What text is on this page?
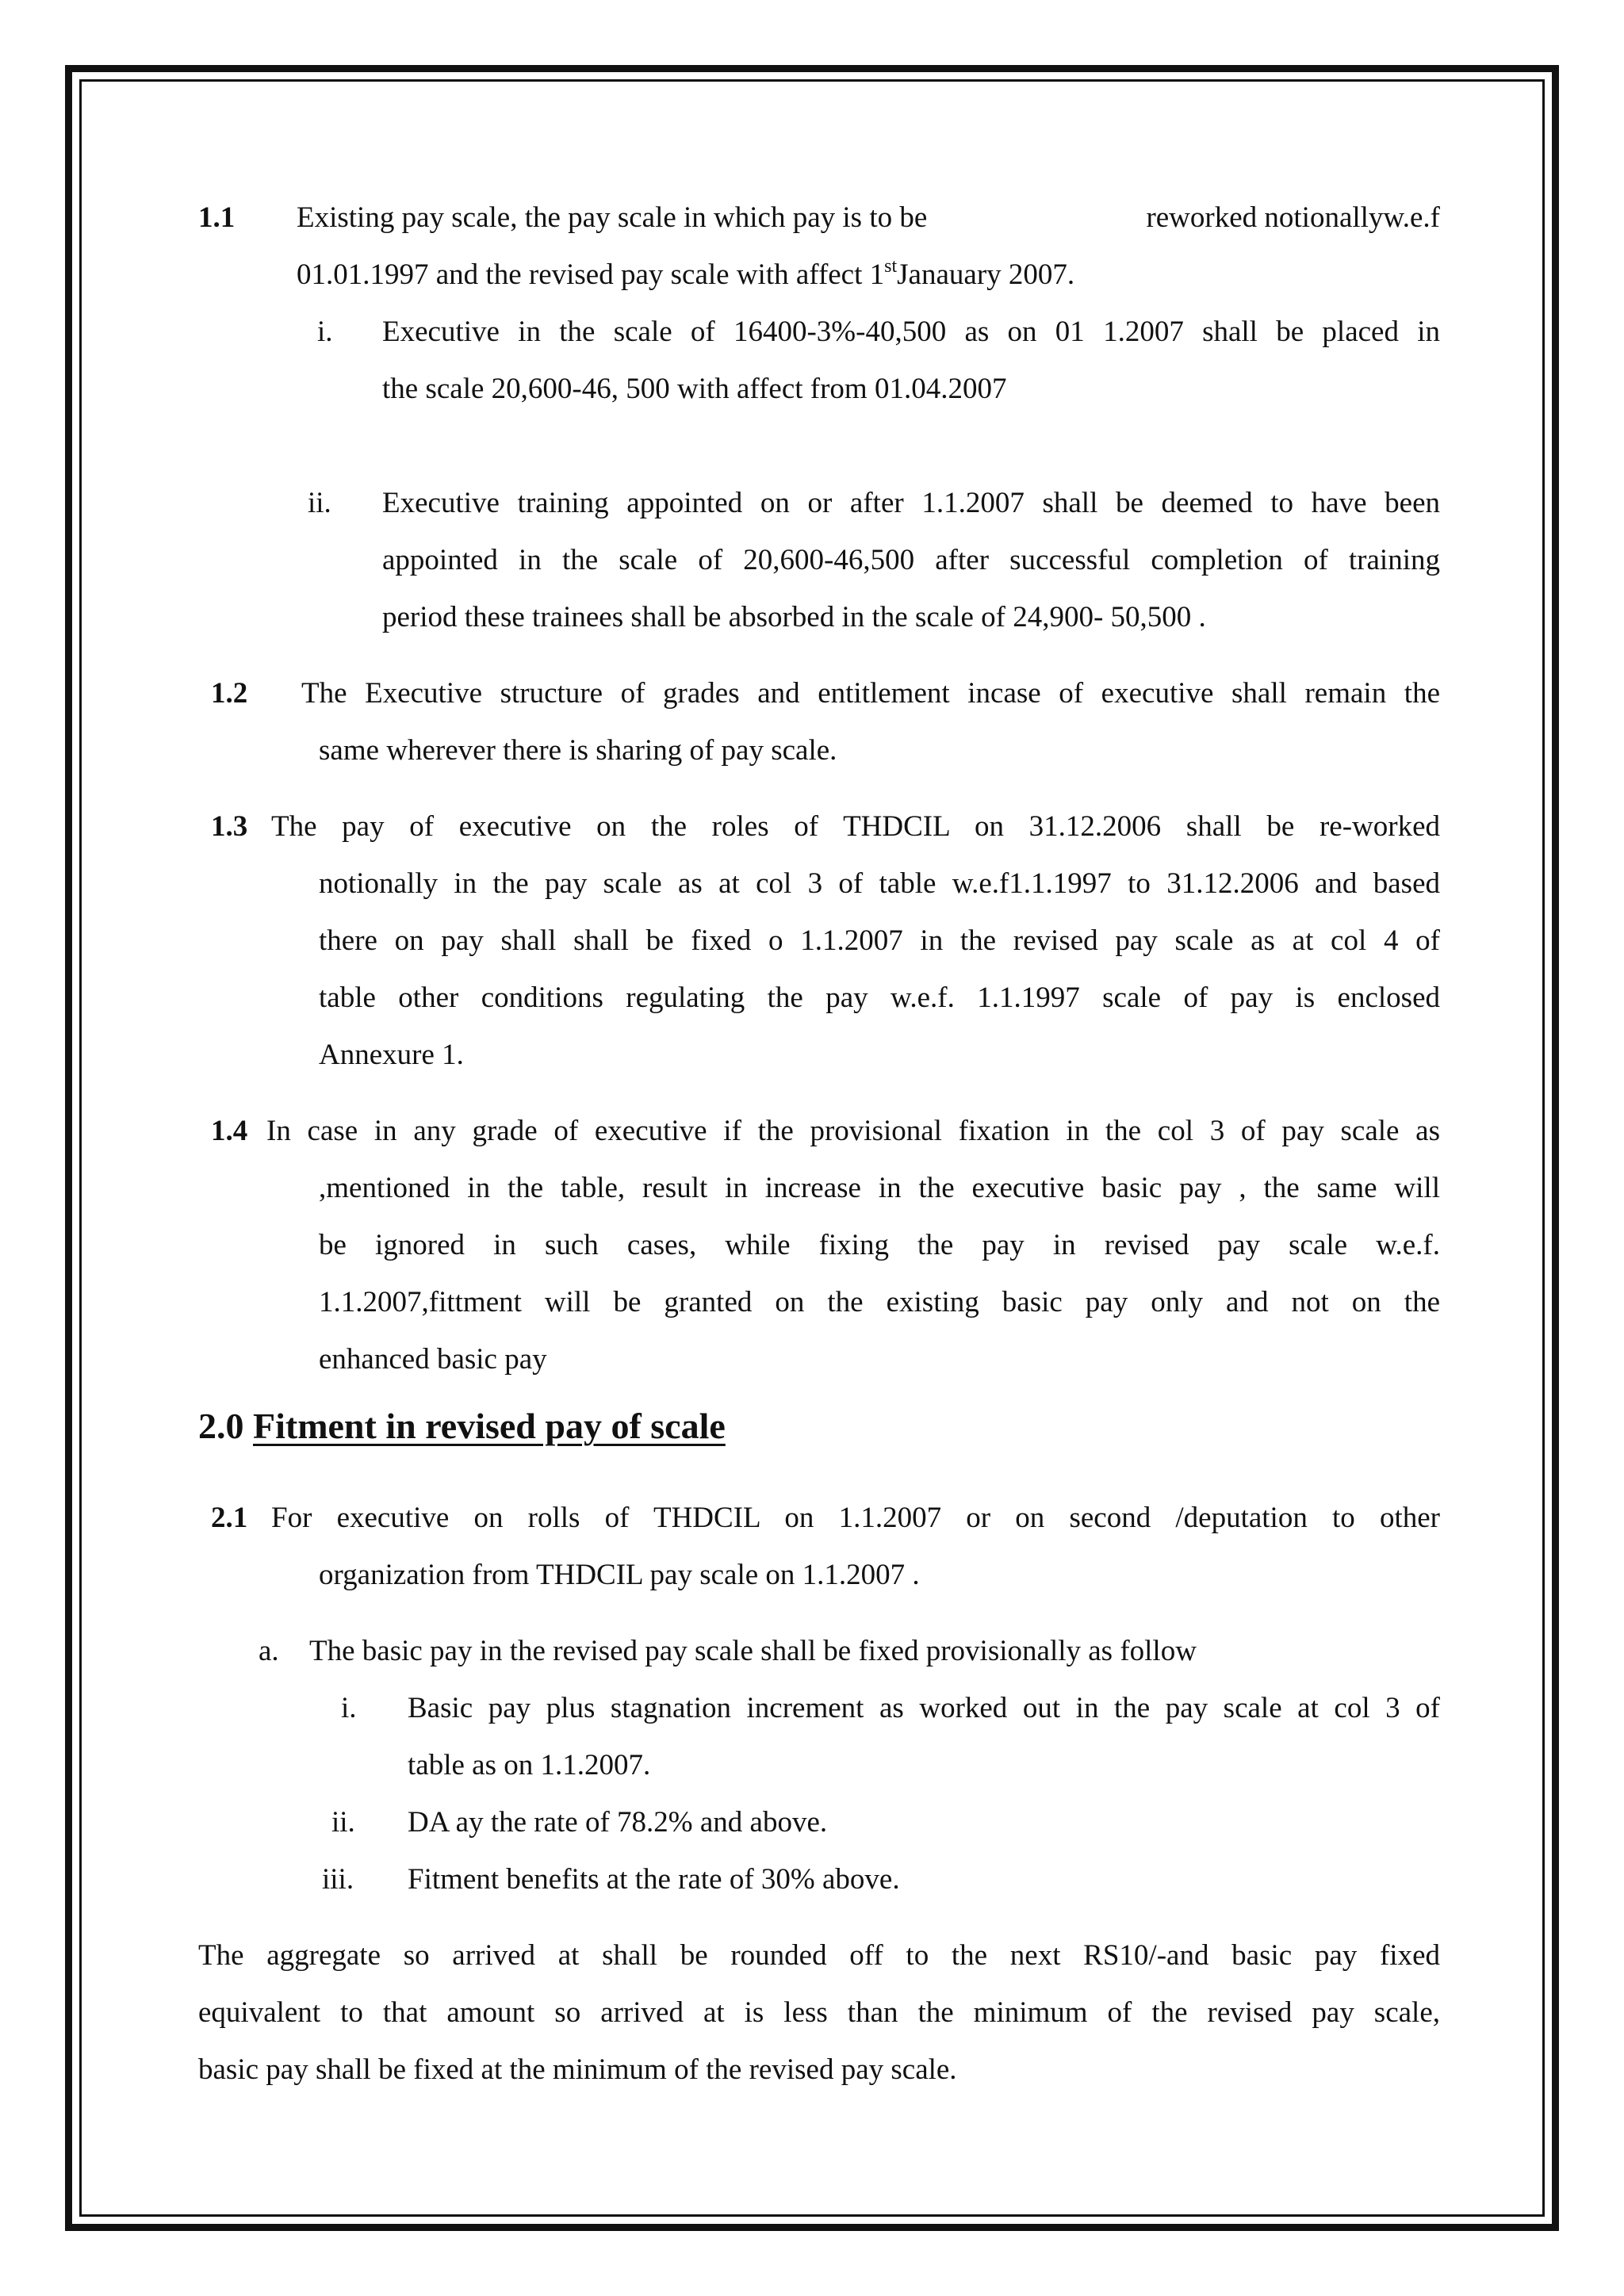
1.1 Existing pay scale, the pay scale in which pay is to be	reworked notionallyw.e.f
01.01.1997 and the revised pay scale with affect 1stJanauary 2007.
i. Executive in the scale of 16400-3%-40,500 as on 01 1.2007 shall be placed in
the scale 20,600-46, 500 with affect from 01.04.2007
ii. Executive training appointed on or after 1.1.2007 shall be deemed to have been
appointed in the scale of 20,600-46,500 after successful completion of training
period these trainees shall be absorbed in the scale of 24,900- 50,500 .
1.2 The Executive structure of grades and entitlement incase of executive shall remain the
same wherever there is sharing of pay scale.
1.3 The pay of executive on the roles of THDCIL on 31.12.2006 shall be re-worked
notionally in the pay scale as at col 3 of table w.e.f1.1.1997 to 31.12.2006 and based
there on pay shall shall be fixed o 1.1.2007 in the revised pay scale as at col 4 of
table other conditions regulating the pay w.e.f. 1.1.1997 scale of pay is enclosed
Annexure 1.
1.4 In case in any grade of executive if the provisional fixation in the col 3 of pay scale as
,mentioned in the table, result in increase in the executive basic pay , the same will
be ignored in such cases, while fixing the pay in revised pay scale w.e.f.
1.1.2007,fittment will be granted on the existing basic pay only and not on the
enhanced basic pay
2.0 Fitment in revised pay of scale
2.1 For executive on rolls of THDCIL on 1.1.2007 or on second /deputation to other
organization from THDCIL pay scale on 1.1.2007 .
a. The basic pay in the revised pay scale shall be fixed provisionally as follow
i. Basic pay plus stagnation increment as worked out in the pay scale at col 3 of
table as on 1.1.2007.
ii. DA ay the rate of 78.2% and above.
iii. Fitment benefits at the rate of 30% above.
The aggregate so arrived at shall be rounded off to the next RS10/-and basic pay fixed
equivalent to that amount so arrived at is less than the minimum of the revised pay scale,
basic pay shall be fixed at the minimum of the revised pay scale.
